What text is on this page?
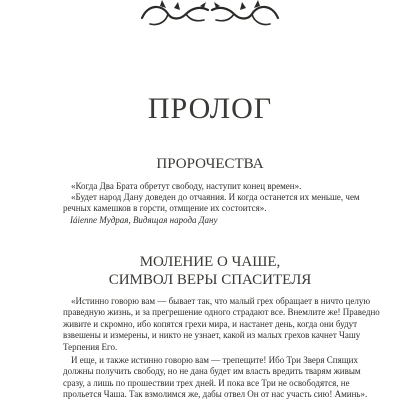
ПРОЛОГ
ПРОРОЧЕСТВА

«Когда Два Брата обретут свободу, наступит конец времен».

«Будет народ Дану доведен до отчаяния. И когда останется их меньше, чем речных камешков в горсти, отмщение их состоится».

Iáienne Мудрая, Видящая народа Дану

МОЛЕНИЕ О ЧАШЕ,
СИМВОЛ ВЕРЫ СПАСИТЕЛЯ

«Истинно говорю вам — бывает так, что малый грех обращает в ничто целую праведную жизнь, и за прегрешение одного страдают все. Внемлите же! Праведно живите и скромно, ибо копятся грехи мира, и настанет день, когда они будут взвешены и измерены, и никто не узнает, какой из малых грехов качнет Чашу Терпения Его.

И еще, и также истинно говорю вам — трепещите! Ибо Три Зверя Спящих должны получить свободу, но не дана будет им власть вредить тварям живым сразу, а лишь по прошествии трех дней. И пока все Три не освободятся, не прольется Чаша. Так взмолимся же, дабы отвел Он от нас участь сию! Аминь».
